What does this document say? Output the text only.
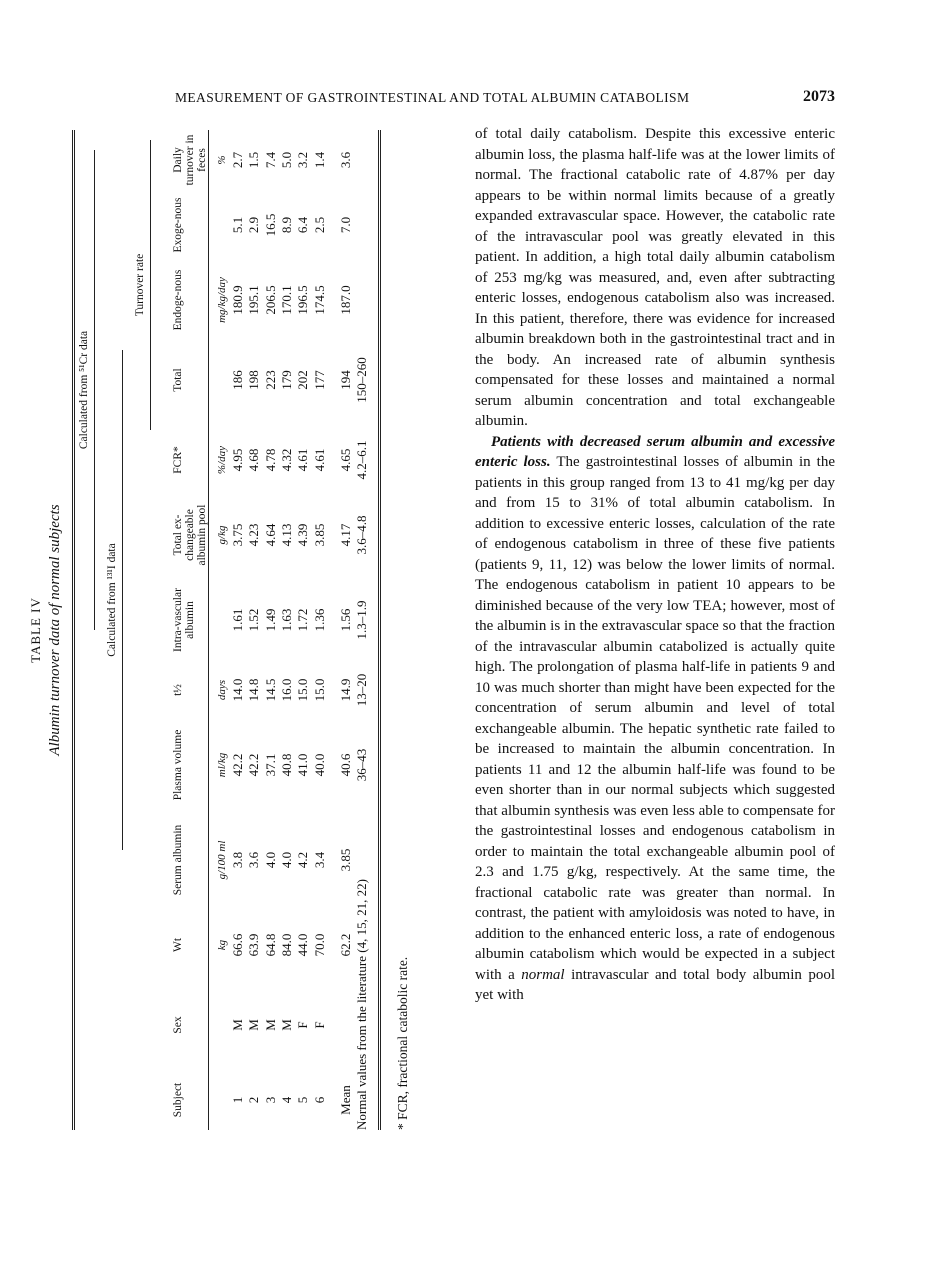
MEASUREMENT OF GASTROINTESTINAL AND TOTAL ALBUMIN CATABOLISM	2073
TABLE IV Albumin turnover data of normal subjects
Calculated from ⁵¹Cr data
Calculated from ¹³¹I data
Turnover rate
Subject
Sex
Wt
Serum albumin
Plasma volume
t½
Intra-vascular albumin
Total ex-changeable albumin pool
FCR*
Total
Endoge-nous
Exoge-nous
Daily turnover in feces
kg
g/100 ml
ml/kg
days
g/kg
%/day
mg/kg/day
%
1
M
66.6
3.8
42.2
14.0
1.61
3.75
4.95
186
180.9
5.1
2.7
2
M
63.9
3.6
42.2
14.8
1.52
4.23
4.68
198
195.1
2.9
1.5
3
M
64.8
4.0
37.1
14.5
1.49
4.64
4.78
223
206.5
16.5
7.4
4
M
84.0
4.0
40.8
16.0
1.63
4.13
4.32
179
170.1
8.9
5.0
5
F
44.0
4.2
41.0
15.0
1.72
4.39
4.61
202
196.5
6.4
3.2
6
F
70.0
3.4
40.0
15.0
1.36
3.85
4.61
177
174.5
2.5
1.4
Mean
62.2
3.85
40.6
14.9
1.56
4.17
4.65
194
187.0
7.0
3.6
Normal values from the literature (4, 15, 21, 22)
36–43
13–20
1.3–1.9
3.6–4.8
4.2–6.1
150–260
* FCR, fractional catabolic rate.

of total daily catabolism. Despite this excessive enteric albumin loss, the plasma half-life was at the lower limits of normal. The fractional catabolic rate of 4.87% per day appears to be within normal limits because of a greatly expanded extravascular space. However, the catabolic rate of the intravascular pool was greatly elevated in this patient. In addition, a high total daily albumin catabolism of 253 mg/kg was measured, and, even after subtracting enteric losses, endogenous catabolism also was increased. In this patient, therefore, there was evidence for increased albumin breakdown both in the gastrointestinal tract and in the body. An increased rate of albumin synthesis compensated for these losses and maintained a normal serum albumin concentration and total exchangeable albumin.

Patients with decreased serum albumin and excessive enteric loss. The gastrointestinal losses of albumin in the patients in this group ranged from 13 to 41 mg/kg per day and from 15 to 31% of total albumin catabolism. In addition to excessive enteric losses, calculation of the rate of endogenous catabolism in three of these five patients (patients 9, 11, 12) was below the lower limits of normal. The endogenous catabolism in patient 10 appears to be diminished because of the very low TEA; however, most of the albumin is in the extravascular space so that the fraction of the intravascular albumin catabolized is actually quite high. The prolongation of plasma half-life in patients 9 and 10 was much shorter than might have been expected for the concentration of serum albumin and level of total exchangeable albumin. The hepatic synthetic rate failed to be increased to maintain the albumin concentration. In patients 11 and 12 the albumin half-life was found to be even shorter than in our normal subjects which suggested that albumin synthesis was even less able to compensate for the gastrointestinal losses and endogenous catabolism in order to maintain the total exchangeable albumin pool of 2.3 and 1.75 g/kg, respectively. At the same time, the fractional catabolic rate was greater than normal. In contrast, the patient with amyloidosis was noted to have, in addition to the enhanced enteric loss, a rate of endogenous albumin catabolism which would be expected in a subject with a normal intravascular and total body albumin pool yet with
